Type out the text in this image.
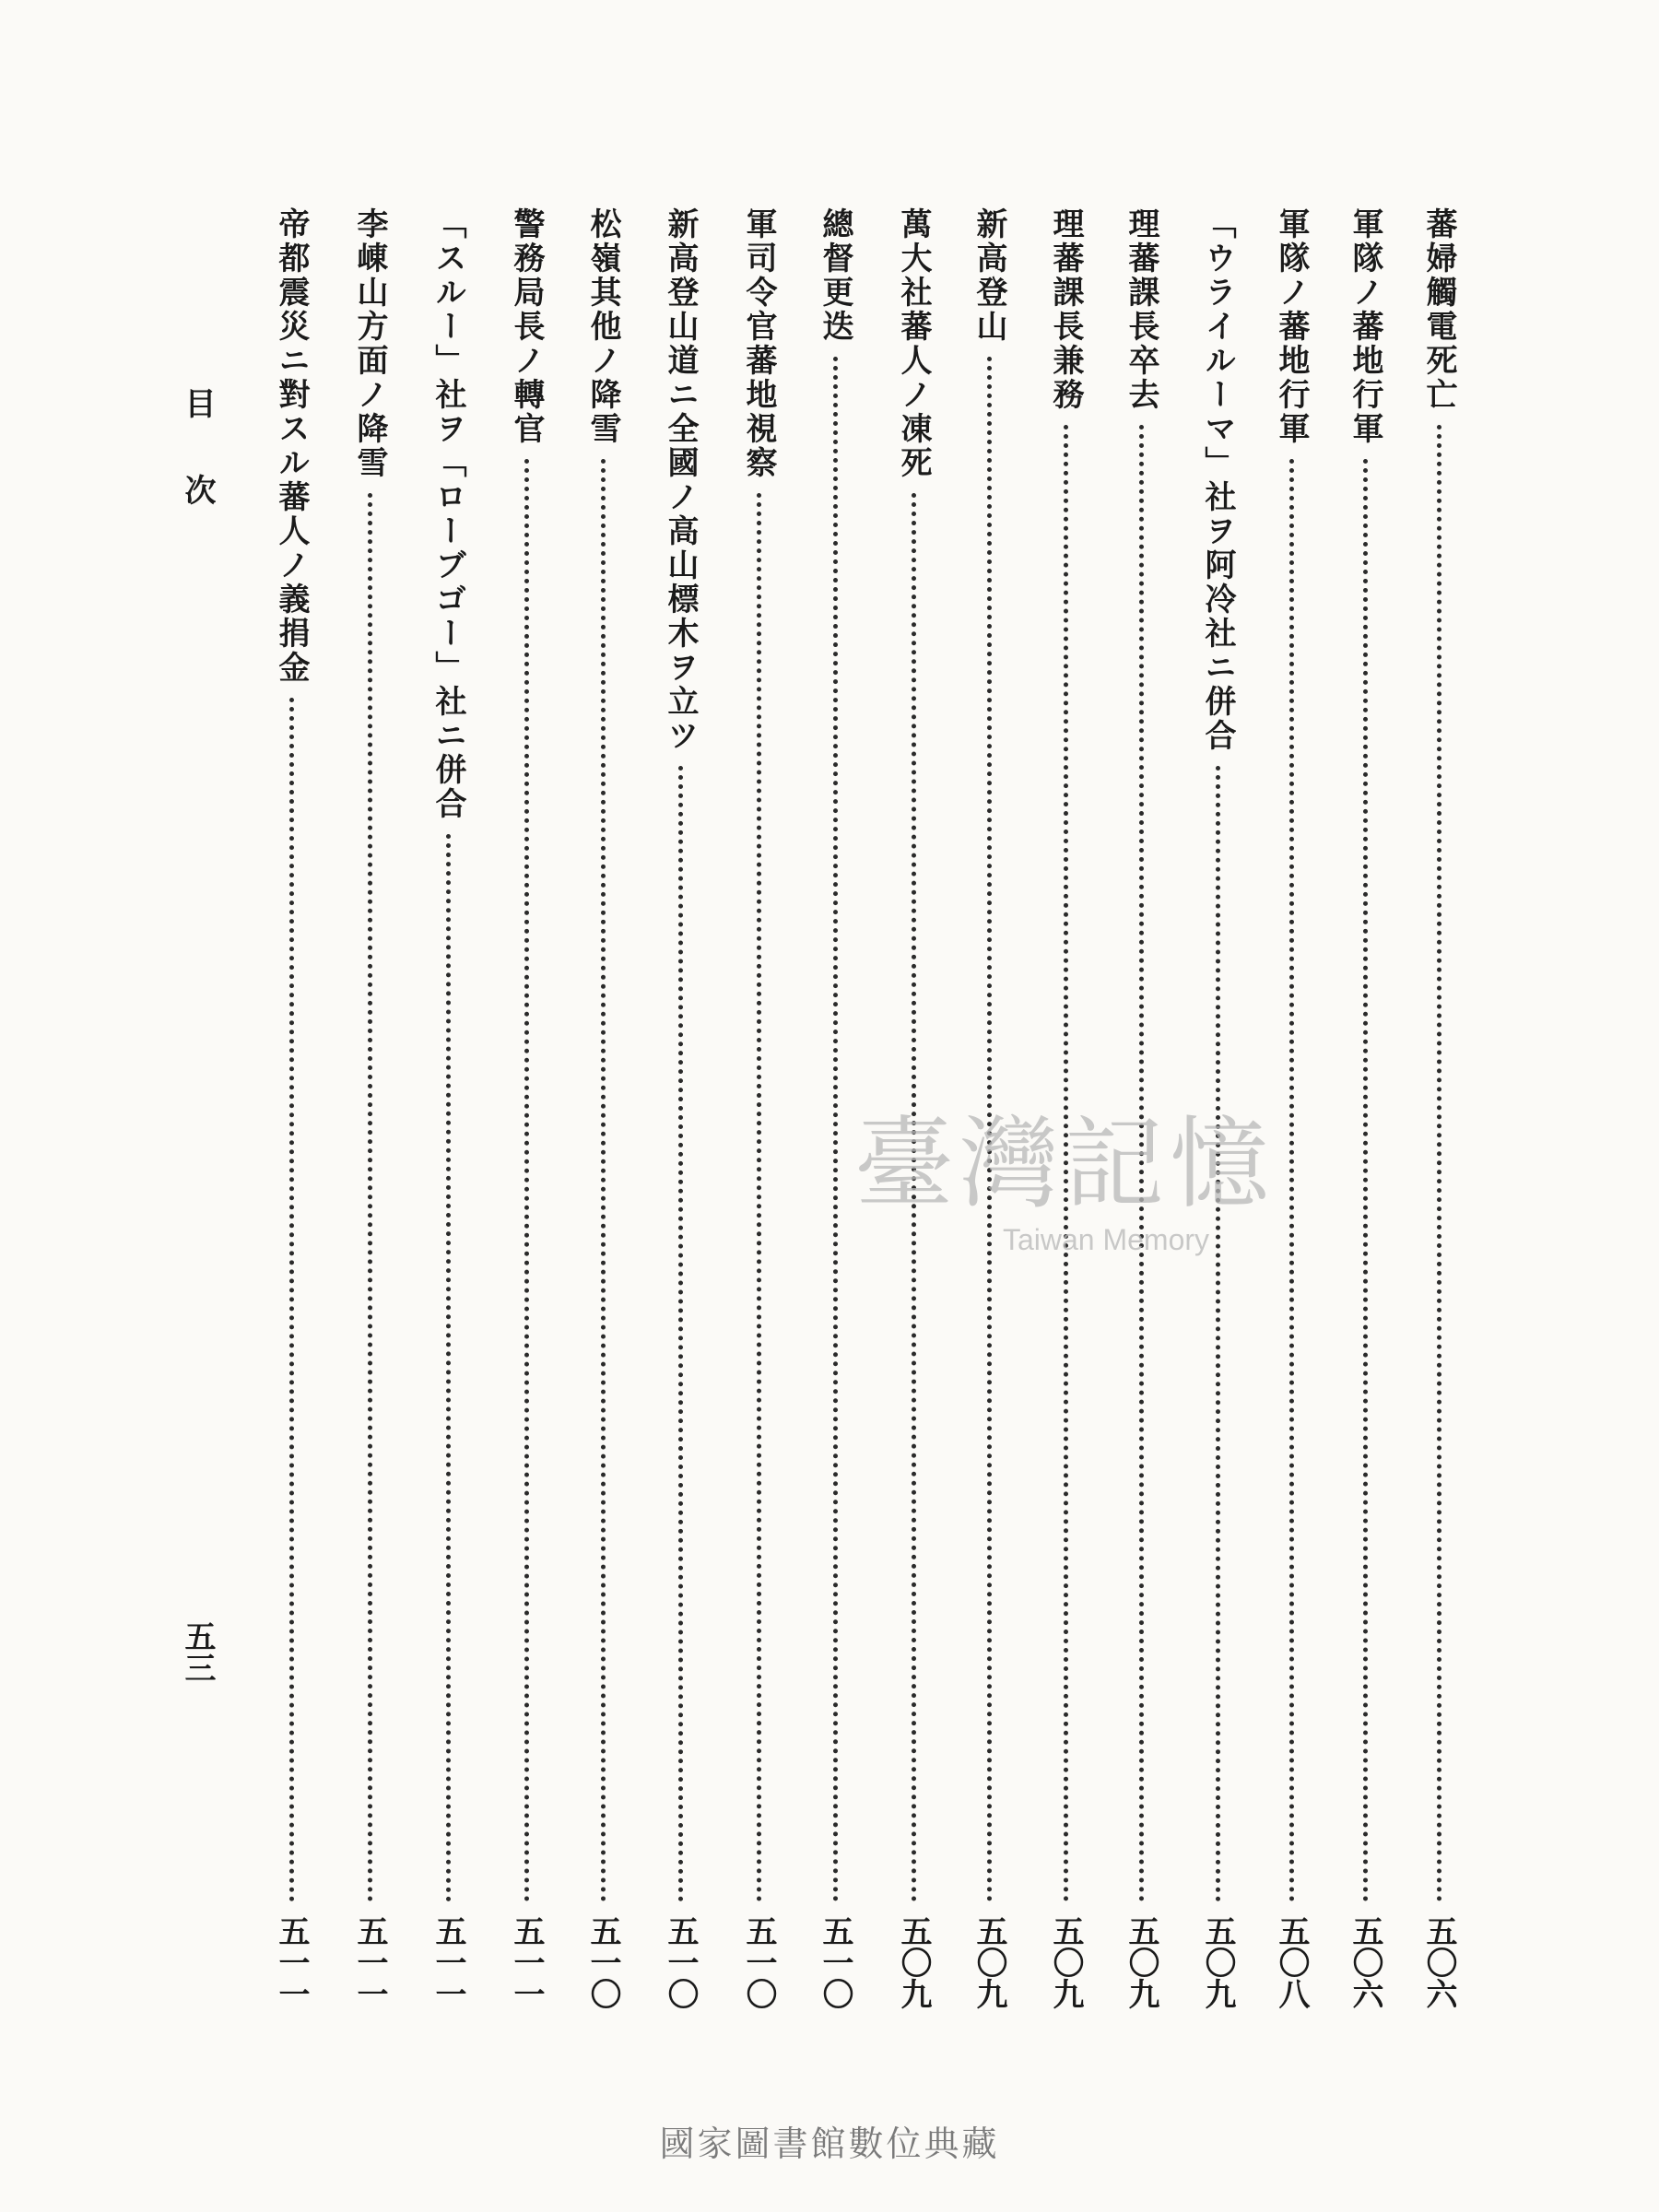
蕃婦觸電死亡
五〇六
軍隊ノ蕃地行軍
五〇六
軍隊ノ蕃地行軍
五〇八
「ウライルーマ」社ヲ阿冷社ニ併合
五〇九
理蕃課長卒去
五〇九
理蕃課長兼務
五〇九
新高登山
五〇九
萬大社蕃人ノ凍死
五〇九
總督更迭
五一〇
軍司令官蕃地視察
五一〇
新高登山道ニ全國ノ高山標木ヲ立ツ
五一〇
松嶺其他ノ降雪
五一〇
警務局長ノ轉官
五一一
「スルー」社ヲ「ローブゴー」社ニ併合
五一一
李崠山方面ノ降雪
五一一
帝都震災ニ對スル蕃人ノ義捐金
五一一
目次
五三
臺灣記憶
Taiwan Memory
國家圖書館數位典藏
